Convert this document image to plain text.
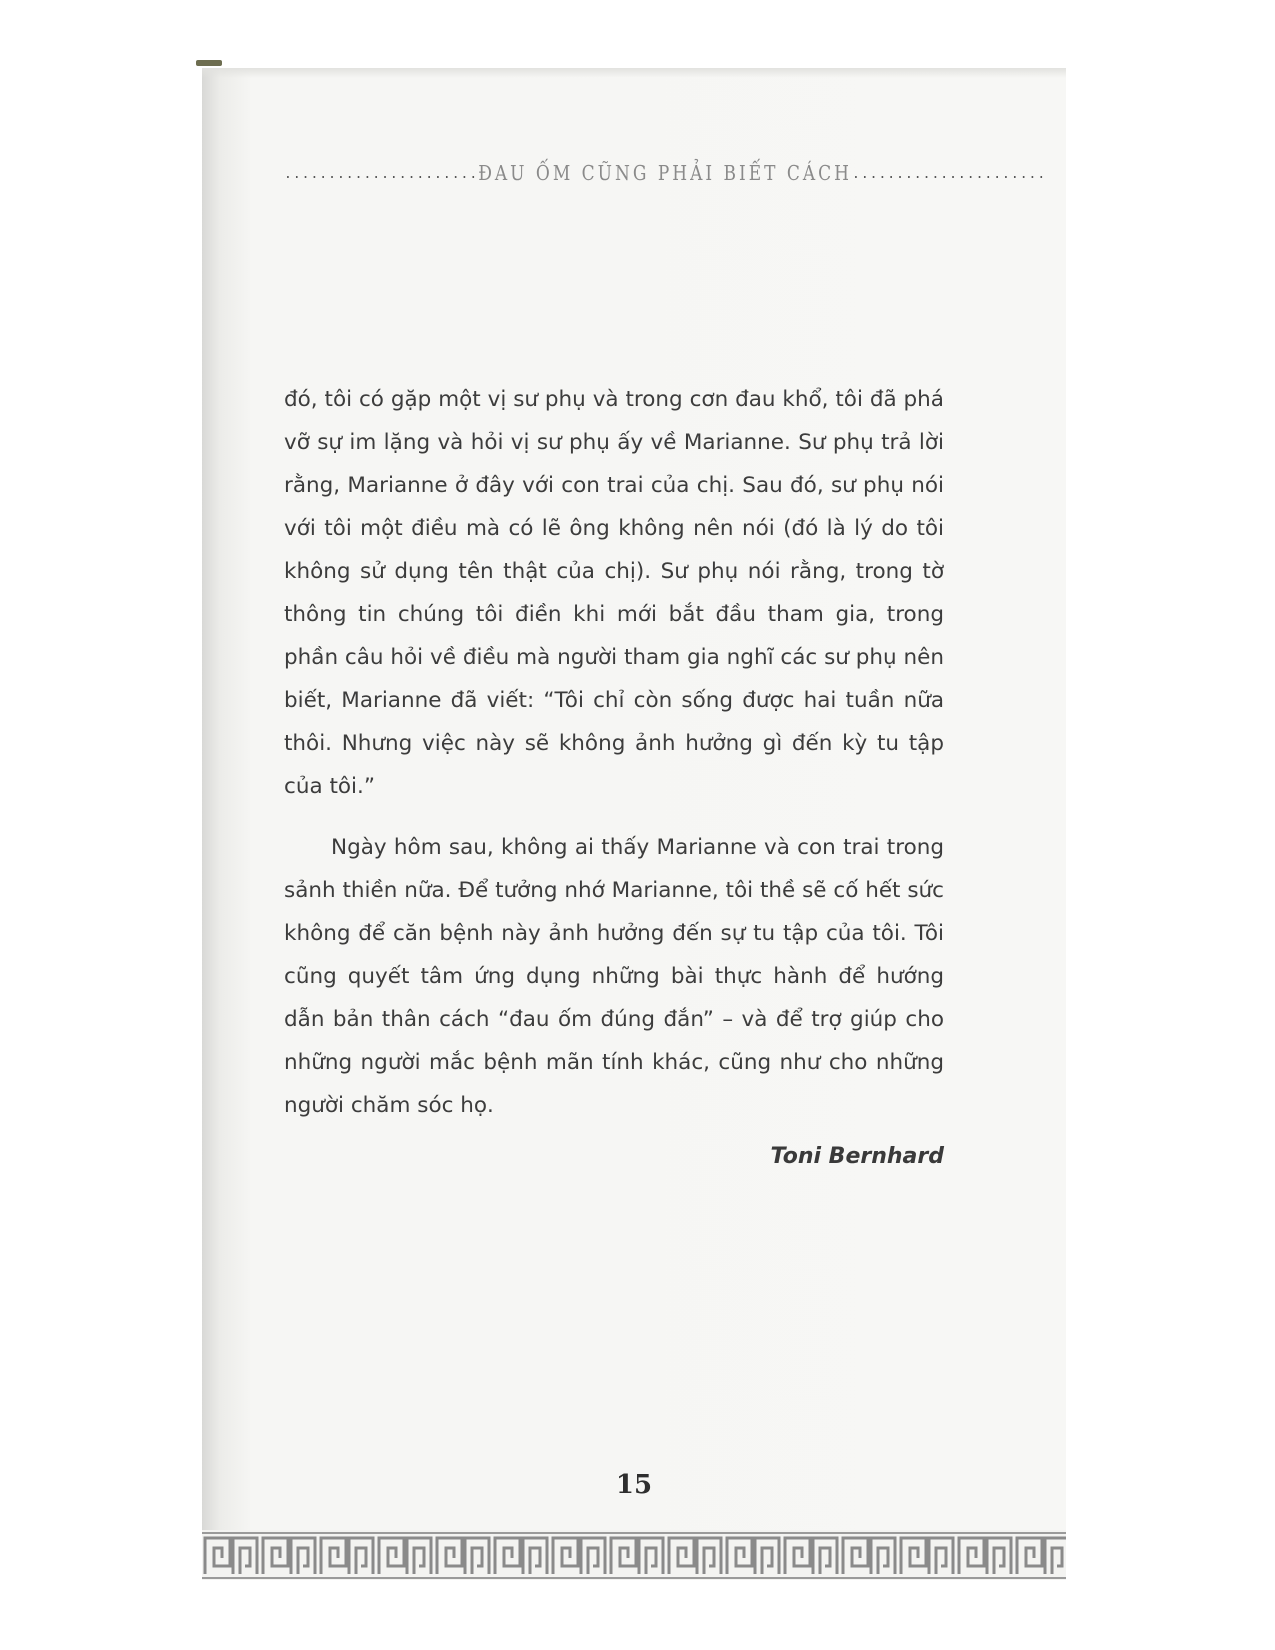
...................... ĐAU ỐM CŨNG PHẢI BIẾT CÁCH ......................

đó, tôi có gặp một vị sư phụ và trong cơn đau khổ, tôi đã phá vỡ sự im lặng và hỏi vị sư phụ ấy về Marianne. Sư phụ trả lời rằng, Marianne ở đây với con trai của chị. Sau đó, sư phụ nói với tôi một điều mà có lẽ ông không nên nói (đó là lý do tôi không sử dụng tên thật của chị). Sư phụ nói rằng, trong tờ thông tin chúng tôi điền khi mới bắt đầu tham gia, trong phần câu hỏi về điều mà người tham gia nghĩ các sư phụ nên biết, Marianne đã viết: “Tôi chỉ còn sống được hai tuần nữa thôi. Nhưng việc này sẽ không ảnh hưởng gì đến kỳ tu tập của tôi.”

Ngày hôm sau, không ai thấy Marianne và con trai trong sảnh thiền nữa. Để tưởng nhớ Marianne, tôi thề sẽ cố hết sức không để căn bệnh này ảnh hưởng đến sự tu tập của tôi. Tôi cũng quyết tâm ứng dụng những bài thực hành để hướng dẫn bản thân cách “đau ốm đúng đắn” – và để trợ giúp cho những người mắc bệnh mãn tính khác, cũng như cho những người chăm sóc họ.

Toni Bernhard
15
